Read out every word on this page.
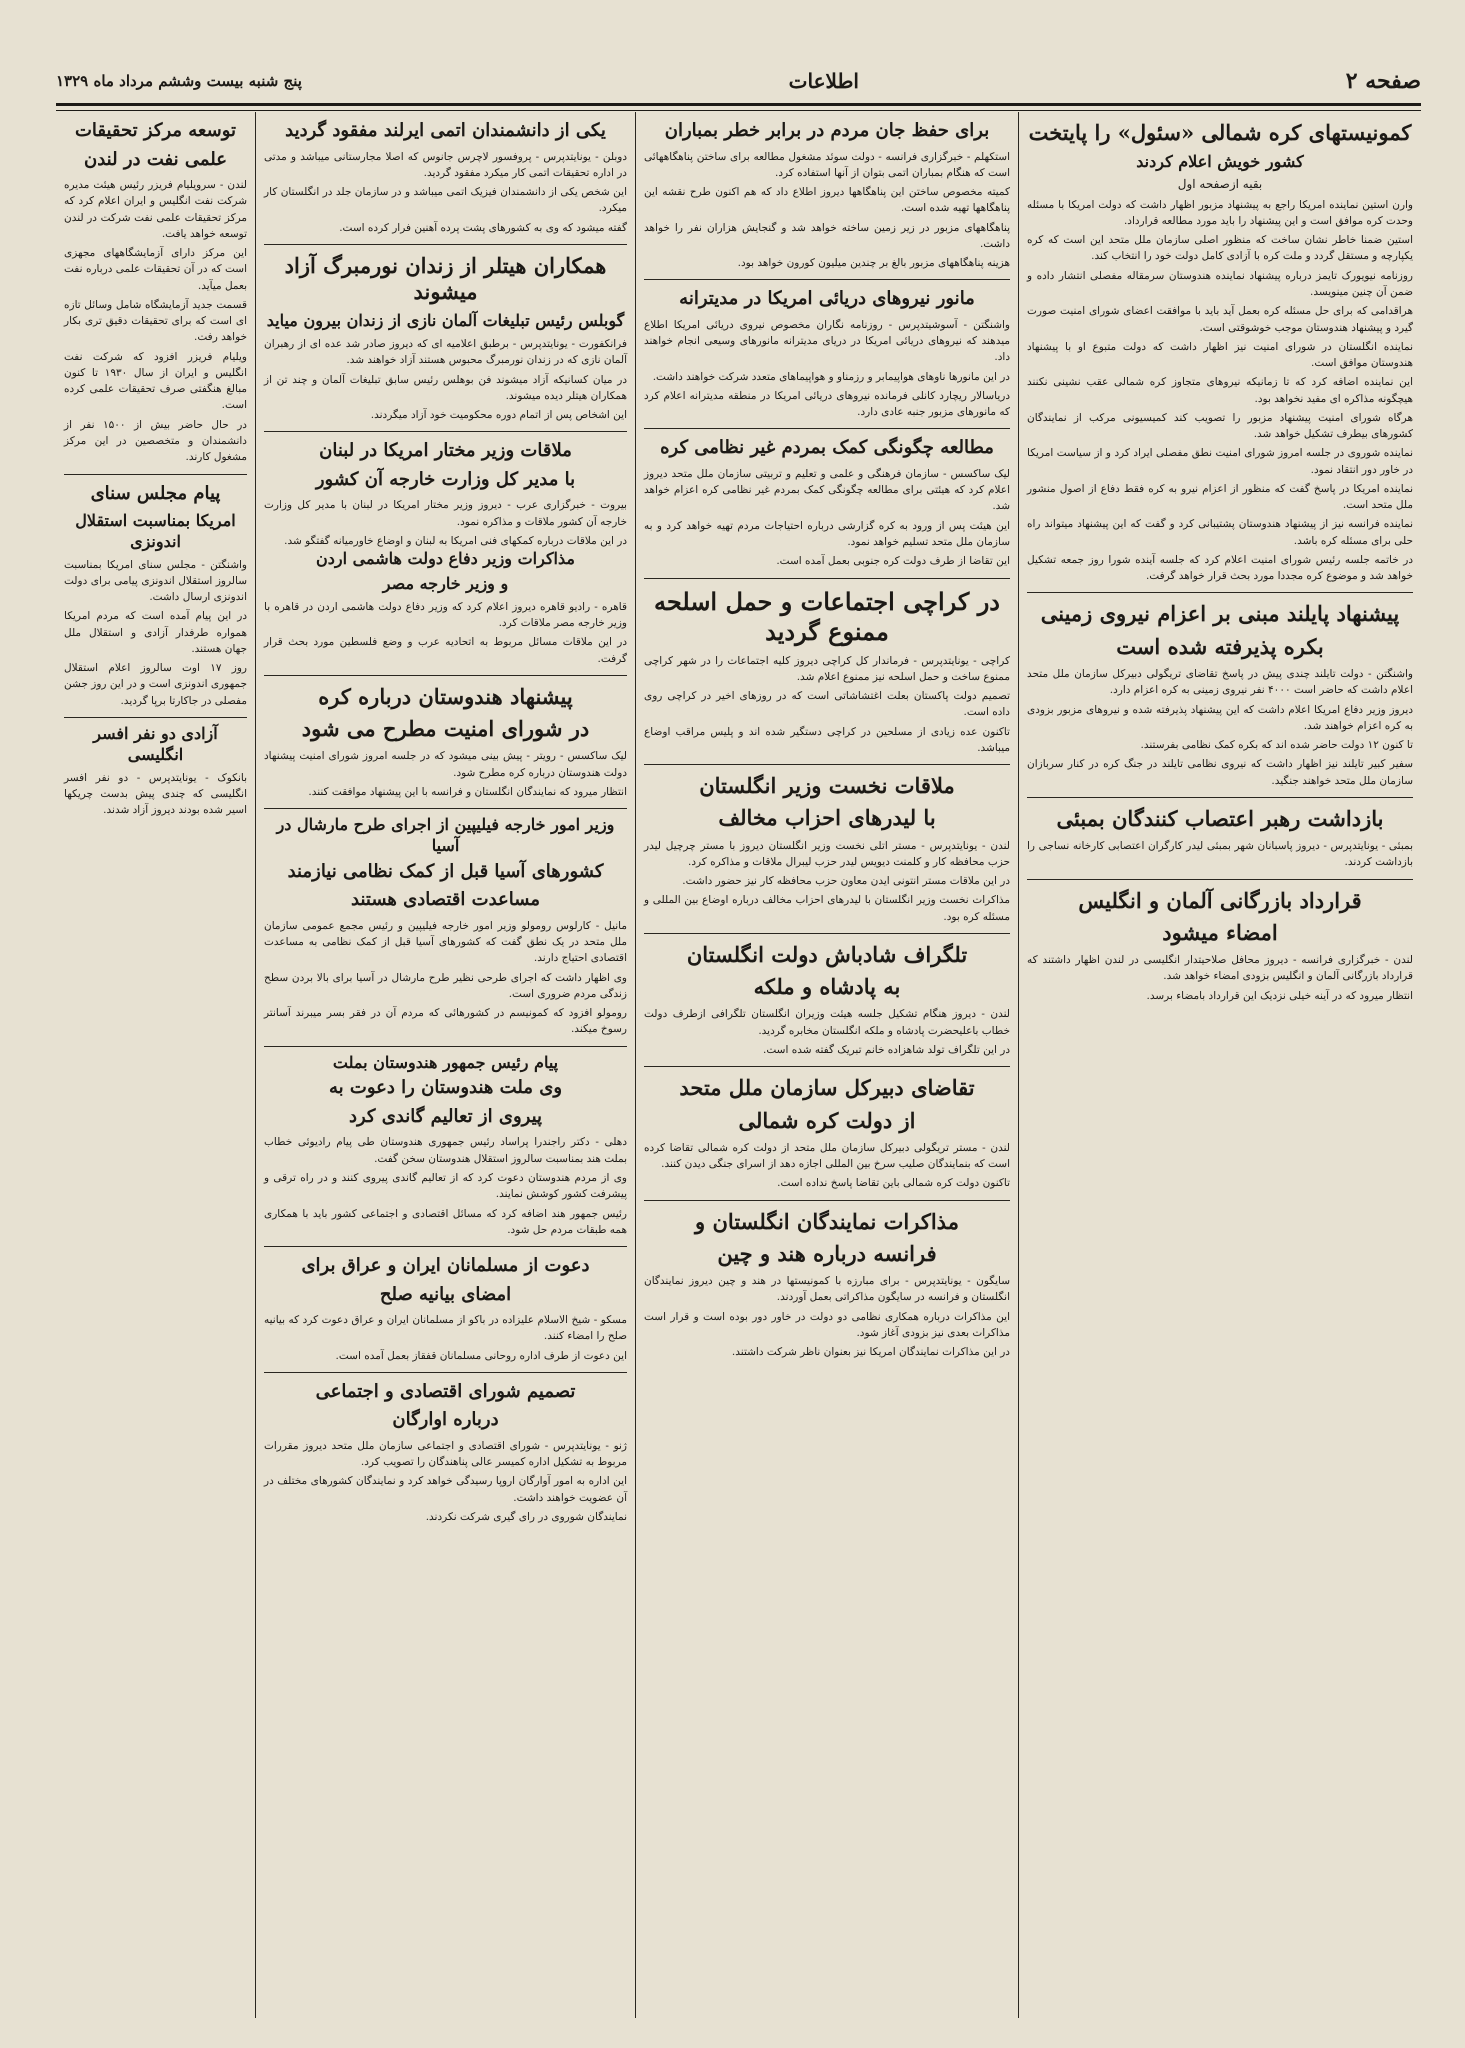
صفحه ۲
اطلاعات
پنج شنبه بیست وششم مرداد ماه ۱۳۲۹
کمونیستهای کره شمالی «سئول» را پایتخت
کشور خویش اعلام کردند
بقیه ازصفحه اول

وارن استین نماینده امریکا راجع به پیشنهاد مزبور اظهار داشت که دولت امریکا با مسئله وحدت کره موافق است و این پیشنهاد را باید مورد مطالعه قرارداد.

استین ضمنا خاطر نشان ساخت که منظور اصلی سازمان ملل متحد این است که کره یکپارچه و مستقل گردد و ملت کره با آزادی کامل دولت خود را انتخاب کند.

روزنامه نیویورک تایمز درباره پیشنهاد نماینده هندوستان سرمقاله مفصلی انتشار داده و ضمن آن چنین مینویسد.

هراقدامی که برای حل مسئله کره بعمل آید باید با موافقت اعضای شورای امنیت صورت گیرد و پیشنهاد هندوستان موجب خوشوقتی است.

نماینده انگلستان در شورای امنیت نیز اظهار داشت که دولت متبوع او با پیشنهاد هندوستان موافق است.

این نماینده اضافه کرد که تا زمانیکه نیروهای متجاوز کره شمالی عقب نشینی نکنند هیچگونه مذاکره ای مفید نخواهد بود.

هرگاه شورای امنیت پیشنهاد مزبور را تصویب کند کمیسیونی مرکب از نمایندگان کشورهای بیطرف تشکیل خواهد شد.

نماینده شوروی در جلسه امروز شورای امنیت نطق مفصلی ایراد کرد و از سیاست امریکا در خاور دور انتقاد نمود.

نماینده امریکا در پاسخ گفت که منظور از اعزام نیرو به کره فقط دفاع از اصول منشور ملل متحد است.

نماینده فرانسه نیز از پیشنهاد هندوستان پشتیبانی کرد و گفت که این پیشنهاد میتواند راه حلی برای مسئله کره باشد.

در خاتمه جلسه رئیس شورای امنیت اعلام کرد که جلسه آینده شورا روز جمعه تشکیل خواهد شد و موضوع کره مجددا مورد بحث قرار خواهد گرفت.

پیشنهاد پایلند مبنی بر اعزام نیروی زمینی
بکره پذیرفته شده است

واشنگتن - دولت تایلند چندی پیش در پاسخ تقاضای تریگولی دبیرکل سازمان ملل متحد اعلام داشت که حاضر است ۴۰۰۰ نفر نیروی زمینی به کره اعزام دارد.

دیروز وزیر دفاع امریکا اعلام داشت که این پیشنهاد پذیرفته شده و نیروهای مزبور بزودی به کره اعزام خواهند شد.

تا کنون ۱۲ دولت حاضر شده اند که بکره کمک نظامی بفرستند.

سفیر کبیر تایلند نیز اظهار داشت که نیروی نظامی تایلند در جنگ کره در کنار سربازان سازمان ملل متحد خواهند جنگید.

بازداشت رهبر اعتصاب کنندگان بمبئی

بمبئی - یونایتدپرس - دیروز پاسبانان شهر بمبئی لیدر کارگران اعتصابی کارخانه نساجی را بازداشت کردند.

قرارداد بازرگانی آلمان و انگلیس
امضاء میشود

لندن - خبرگزاری فرانسه - دیروز محافل صلاحیتدار انگلیسی در لندن اظهار داشتند که قرارداد بازرگانی آلمان و انگلیس بزودی امضاء خواهد شد.

انتظار میرود که در آینه خیلی نزدیک این قرارداد بامضاء برسد.

برای حفظ جان مردم در برابر خطر بمباران

استکهلم - خبرگزاری فرانسه - دولت سوئد مشغول مطالعه برای ساختن پناهگاههائی است که هنگام بمباران اتمی بتوان از آنها استفاده کرد.

کمیته مخصوص ساختن این پناهگاهها دیروز اطلاع داد که هم اکنون طرح نقشه این پناهگاهها تهیه شده است.

پناهگاههای مزبور در زیر زمین ساخته خواهد شد و گنجایش هزاران نفر را خواهد داشت.

هزینه پناهگاههای مزبور بالغ بر چندین میلیون کورون خواهد بود.

مانور نیروهای دریائی امریکا در مدیترانه

واشنگتن - آسوشیتدپرس - روزنامه نگاران مخصوص نیروی دریائی امریکا اطلاع میدهند که نیروهای دریائی امریکا در دریای مدیترانه مانورهای وسیعی انجام خواهند داد.

در این مانورها ناوهای هواپیمابر و رزمناو و هواپیماهای متعدد شرکت خواهند داشت.

دریاسالار ریچارد کانلی فرمانده نیروهای دریائی امریکا در منطقه مدیترانه اعلام کرد که مانورهای مزبور جنبه عادی دارد.

مطالعه چگونگی کمک بمردم غیر نظامی کره

لیک ساکسس - سازمان فرهنگی و علمی و تعلیم و تربیتی سازمان ملل متحد دیروز اعلام کرد که هیئتی برای مطالعه چگونگی کمک بمردم غیر نظامی کره اعزام خواهد شد.

این هیئت پس از ورود به کره گزارشی درباره احتیاجات مردم تهیه خواهد کرد و به سازمان ملل متحد تسلیم خواهد نمود.

این تقاضا از طرف دولت کره جنوبی بعمل آمده است.

در کراچی اجتماعات و حمل اسلحه ممنوع گردید

کراچی - یونایتدپرس - فرماندار کل کراچی دیروز کلیه اجتماعات را در شهر کراچی ممنوع ساخت و حمل اسلحه نیز ممنوع اعلام شد.

تصمیم دولت پاکستان بعلت اغتشاشاتی است که در روزهای اخیر در کراچی روی داده است.

تاکنون عده زیادی از مسلحین در کراچی دستگیر شده اند و پلیس مراقب اوضاع میباشد.

ملاقات نخست وزیر انگلستان
با لیدرهای احزاب مخالف

لندن - یونایتدپرس - مستر اتلی نخست وزیر انگلستان دیروز با مستر چرچیل لیدر حزب محافظه کار و کلمنت دیویس لیدر حزب لیبرال ملاقات و مذاکره کرد.

در این ملاقات مستر انتونی ایدن معاون حزب محافظه کار نیز حضور داشت.

مذاکرات نخست وزیر انگلستان با لیدرهای احزاب مخالف درباره اوضاع بین المللی و مسئله کره بود.

تلگراف شادباش دولت انگلستان
به پادشاه و ملکه

لندن - دیروز هنگام تشکیل جلسه هیئت وزیران انگلستان تلگرافی ازطرف دولت خطاب باعلیحضرت پادشاه و ملکه انگلستان مخابره گردید.

در این تلگراف تولد شاهزاده خانم تبریک گفته شده است.

تقاضای دبیرکل سازمان ملل متحد
از دولت کره شمالی

لندن - مستر تریگولی دبیرکل سازمان ملل متحد از دولت کره شمالی تقاضا کرده است که بنمایندگان صلیب سرخ بین المللی اجازه دهد از اسرای جنگی دیدن کنند.

تاکنون دولت کره شمالی باین تقاضا پاسخ نداده است.

مذاکرات نمایندگان انگلستان و
فرانسه درباره هند و چین

سایگون - یونایتدپرس - برای مبارزه با کمونیستها در هند و چین دیروز نمایندگان انگلستان و فرانسه در سایگون مذاکراتی بعمل آوردند.

این مذاکرات درباره همکاری نظامی دو دولت در خاور دور بوده است و قرار است مذاکرات بعدی نیز بزودی آغاز شود.

در این مذاکرات نمایندگان امریکا نیز بعنوان ناظر شرکت داشتند.

یکی از دانشمندان اتمی ایرلند مفقود گردید

دوبلن - یونایتدپرس - پروفسور لاچرس جانوس که اصلا مجارستانی میباشد و مدتی در اداره تحقیقات اتمی کار میکرد مفقود گردید.

این شخص یکی از دانشمندان فیزیک اتمی میباشد و در سازمان جلد در انگلستان کار میکرد.

گفته میشود که وی به کشورهای پشت پرده آهنین فرار کرده است.

همکاران هیتلر از زندان نورمبرگ آزاد میشوند
گوبلس رئیس تبلیغات آلمان نازی از زندان بیرون میاید

فرانکفورت - یونایتدپرس - برطبق اعلامیه ای که دیروز صادر شد عده ای از رهبران آلمان نازی که در زندان نورمبرگ محبوس هستند آزاد خواهند شد.

در میان کسانیکه آزاد میشوند فن بوهلس رئیس سابق تبلیغات آلمان و چند تن از همکاران هیتلر دیده میشوند.

این اشخاص پس از اتمام دوره محکومیت خود آزاد میگردند.

ملاقات وزیر مختار امریکا در لبنان
با مدیر کل وزارت خارجه آن کشور

بیروت - خبرگزاری عرب - دیروز وزیر مختار امریکا در لبنان با مدیر کل وزارت خارجه آن کشور ملاقات و مذاکره نمود.

در این ملاقات درباره کمکهای فنی امریکا به لبنان و اوضاع خاورمیانه گفتگو شد.

مذاکرات وزیر دفاع دولت هاشمی اردن
و وزیر خارجه مصر

قاهره - رادیو قاهره دیروز اعلام کرد که وزیر دفاع دولت هاشمی اردن در قاهره با وزیر خارجه مصر ملاقات کرد.

در این ملاقات مسائل مربوط به اتحادیه عرب و وضع فلسطین مورد بحث قرار گرفت.

پیشنهاد هندوستان درباره کره
در شورای امنیت مطرح می شود

لیک ساکسس - رویتر - پیش بینی میشود که در جلسه امروز شورای امنیت پیشنهاد دولت هندوستان درباره کره مطرح شود.

انتظار میرود که نمایندگان انگلستان و فرانسه با این پیشنهاد موافقت کنند.

وزیر امور خارجه فیلیپین از اجرای طرح مارشال در آسیا
کشورهای آسیا قبل از کمک نظامی نیازمند
مساعدت اقتصادی هستند

مانیل - کارلوس رومولو وزیر امور خارجه فیلیپین و رئیس مجمع عمومی سازمان ملل متحد در یک نطق گفت که کشورهای آسیا قبل از کمک نظامی به مساعدت اقتصادی احتیاج دارند.

وی اظهار داشت که اجرای طرحی نظیر طرح مارشال در آسیا برای بالا بردن سطح زندگی مردم ضروری است.

رومولو افزود که کمونیسم در کشورهائی که مردم آن در فقر بسر میبرند آسانتر رسوخ میکند.

پیام رئیس جمهور هندوستان بملت
وی ملت هندوستان را دعوت به
پیروی از تعالیم گاندی کرد

دهلی - دکتر راجندرا پراساد رئیس جمهوری هندوستان طی پیام رادیوئی خطاب بملت هند بمناسبت سالروز استقلال هندوستان سخن گفت.

وی از مردم هندوستان دعوت کرد که از تعالیم گاندی پیروی کنند و در راه ترقی و پیشرفت کشور کوشش نمایند.

رئیس جمهور هند اضافه کرد که مسائل اقتصادی و اجتماعی کشور باید با همکاری همه طبقات مردم حل شود.

دعوت از مسلمانان ایران و عراق برای
امضای بیانیه صلح

مسکو - شیخ الاسلام علیزاده در باکو از مسلمانان ایران و عراق دعوت کرد که بیانیه صلح را امضاء کنند.

این دعوت از طرف اداره روحانی مسلمانان قفقاز بعمل آمده است.

تصمیم شورای اقتصادی و اجتماعی
درباره اوارگان

ژنو - یونایتدپرس - شورای اقتصادی و اجتماعی سازمان ملل متحد دیروز مقررات مربوط به تشکیل اداره کمیسر عالی پناهندگان را تصویب کرد.

این اداره به امور آوارگان اروپا رسیدگی خواهد کرد و نمایندگان کشورهای مختلف در آن عضویت خواهند داشت.

نمایندگان شوروی در رای گیری شرکت نکردند.

توسعه مرکز تحقیقات
علمی نفت در لندن

لندن - سرویلیام فریزر رئیس هیئت مدیره شرکت نفت انگلیس و ایران اعلام کرد که مرکز تحقیقات علمی نفت شرکت در لندن توسعه خواهد یافت.

این مرکز دارای آزمایشگاههای مجهزی است که در آن تحقیقات علمی درباره نفت بعمل میآید.

قسمت جدید آزمایشگاه شامل وسائل تازه ای است که برای تحقیقات دقیق تری بکار خواهد رفت.

ویلیام فریزر افزود که شرکت نفت انگلیس و ایران از سال ۱۹۳۰ تا کنون مبالغ هنگفتی صرف تحقیقات علمی کرده است.

در حال حاضر بیش از ۱۵۰۰ نفر از دانشمندان و متخصصین در این مرکز مشغول کارند.

پیام مجلس سنای
امریکا بمناسبت استقلال اندونزی

واشنگتن - مجلس سنای امریکا بمناسبت سالروز استقلال اندونزی پیامی برای دولت اندونزی ارسال داشت.

در این پیام آمده است که مردم امریکا همواره طرفدار آزادی و استقلال ملل جهان هستند.

روز ۱۷ اوت سالروز اعلام استقلال جمهوری اندونزی است و در این روز جشن مفصلی در جاکارتا برپا گردید.

آزادی دو نفر افسر انگلیسی

بانکوک - یونایتدپرس - دو نفر افسر انگلیسی که چندی پیش بدست چریکها اسیر شده بودند دیروز آزاد شدند.
